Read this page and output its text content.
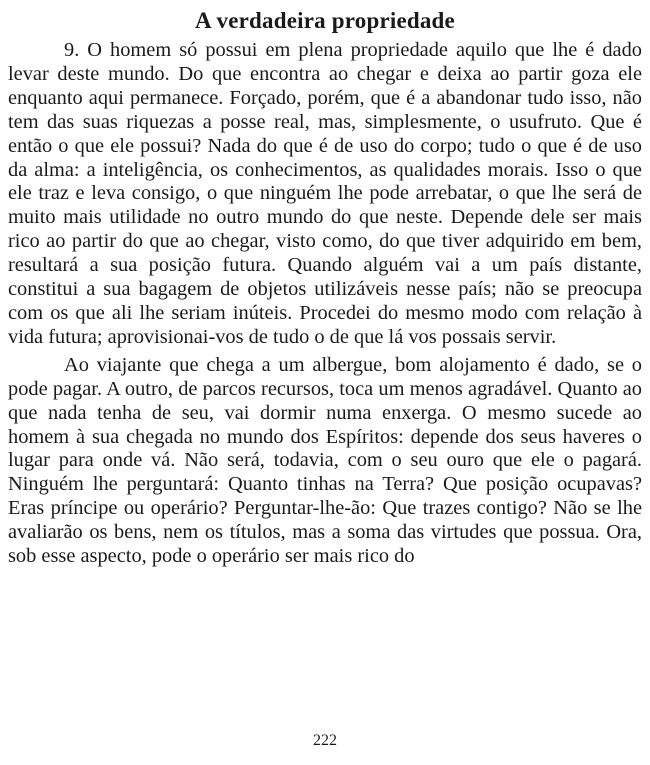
A verdadeira propriedade

9. O homem só possui em plena propriedade aquilo que lhe é dado levar deste mundo. Do que encontra ao chegar e deixa ao partir goza ele enquanto aqui permanece. Forçado, porém, que é a abandonar tudo isso, não tem das suas riquezas a posse real, mas, simplesmente, o usufruto. Que é então o que ele possui? Nada do que é de uso do corpo; tudo o que é de uso da alma: a inteligência, os conhecimentos, as qualidades morais. Isso o que ele traz e leva consigo, o que ninguém lhe pode arrebatar, o que lhe será de muito mais utilidade no outro mundo do que neste. Depende dele ser mais rico ao partir do que ao chegar, visto como, do que tiver adquirido em bem, resultará a sua posição futura. Quando alguém vai a um país distante, constitui a sua bagagem de objetos utilizáveis nesse país; não se preocupa com os que ali lhe seriam inúteis. Procedei do mesmo modo com relação à vida futura; aprovisionai-vos de tudo o de que lá vos possais servir.

Ao viajante que chega a um albergue, bom alojamento é dado, se o pode pagar. A outro, de parcos recursos, toca um menos agradável. Quanto ao que nada tenha de seu, vai dormir numa enxerga. O mesmo sucede ao homem à sua chegada no mundo dos Espíritos: depende dos seus haveres o lugar para onde vá. Não será, todavia, com o seu ouro que ele o pagará. Ninguém lhe perguntará: Quanto tinhas na Terra? Que posição ocupavas? Eras príncipe ou operário? Perguntar-lhe-ão: Que trazes contigo? Não se lhe avaliarão os bens, nem os títulos, mas a soma das virtudes que possua. Ora, sob esse aspecto, pode o operário ser mais rico do

222
